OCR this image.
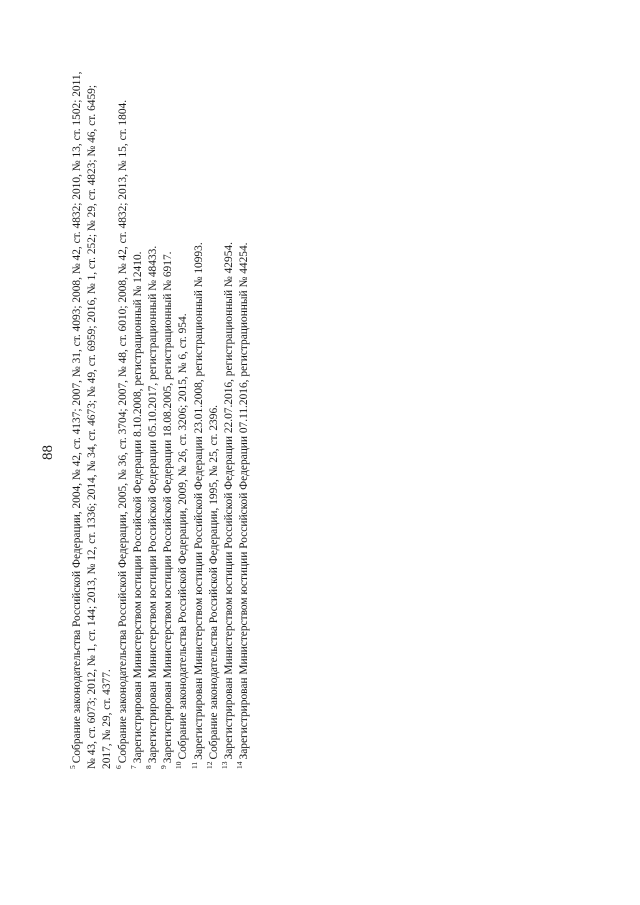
88

$^5$Собрание законодательства Российской Федерации, 2004, № 42, ст. 4137; 2007, № 31, ст. 4093; 2008, № 42, ст. 4832; 2010, № 13, ст. 1502; 2011, № 43, ст. 6073; 2012, № 1, ст. 144; 2013, № 12, ст. 1336; 2014, № 34, ст. 4673; № 49, ст. 6959; 2016, № 1, ст. 252; № 29, ст. 4823; № 46, ст. 6459; 2017, № 29, ст. 4377. $^6$Собрание законодательства Российской Федерации, 2005, № 36, ст. 3704; 2007, № 48, ст. 6010; 2008, № 42, ст. 4832; 2013, № 15, ст. 1804.

$^7$Зарегистрирован Министерством юстиции Российской Федерации 8.10.2008, регистрационный № 12410.

$^8$Зарегистрирован Министерством юстиции Российской Федерации 05.10.2017, регистрационный № 48433.

$^9$Зарегистрирован Министерством юстиции Российской Федерации 18.08.2005, регистрационный № 6917.

$^{10}$Собрание законодательства Российской Федерации, 2009, № 26, ст. 3206; 2015, № 6, ст. 954.

$^{11}$Зарегистрирован Министерством юстиции Российской Федерации 23.01.2008, регистрационный № 10993.

$^{12}$Собрание законодательства Российской Федерации, 1995, № 25, ст. 2396.

$^{13}$Зарегистрирован Министерством юстиции Российской Федерации 22.07.2016, регистрационный № 42954.

$^{14}$Зарегистрирован Министерством юстиции Российской Федерации 07.11.2016, регистрационный № 44254.
